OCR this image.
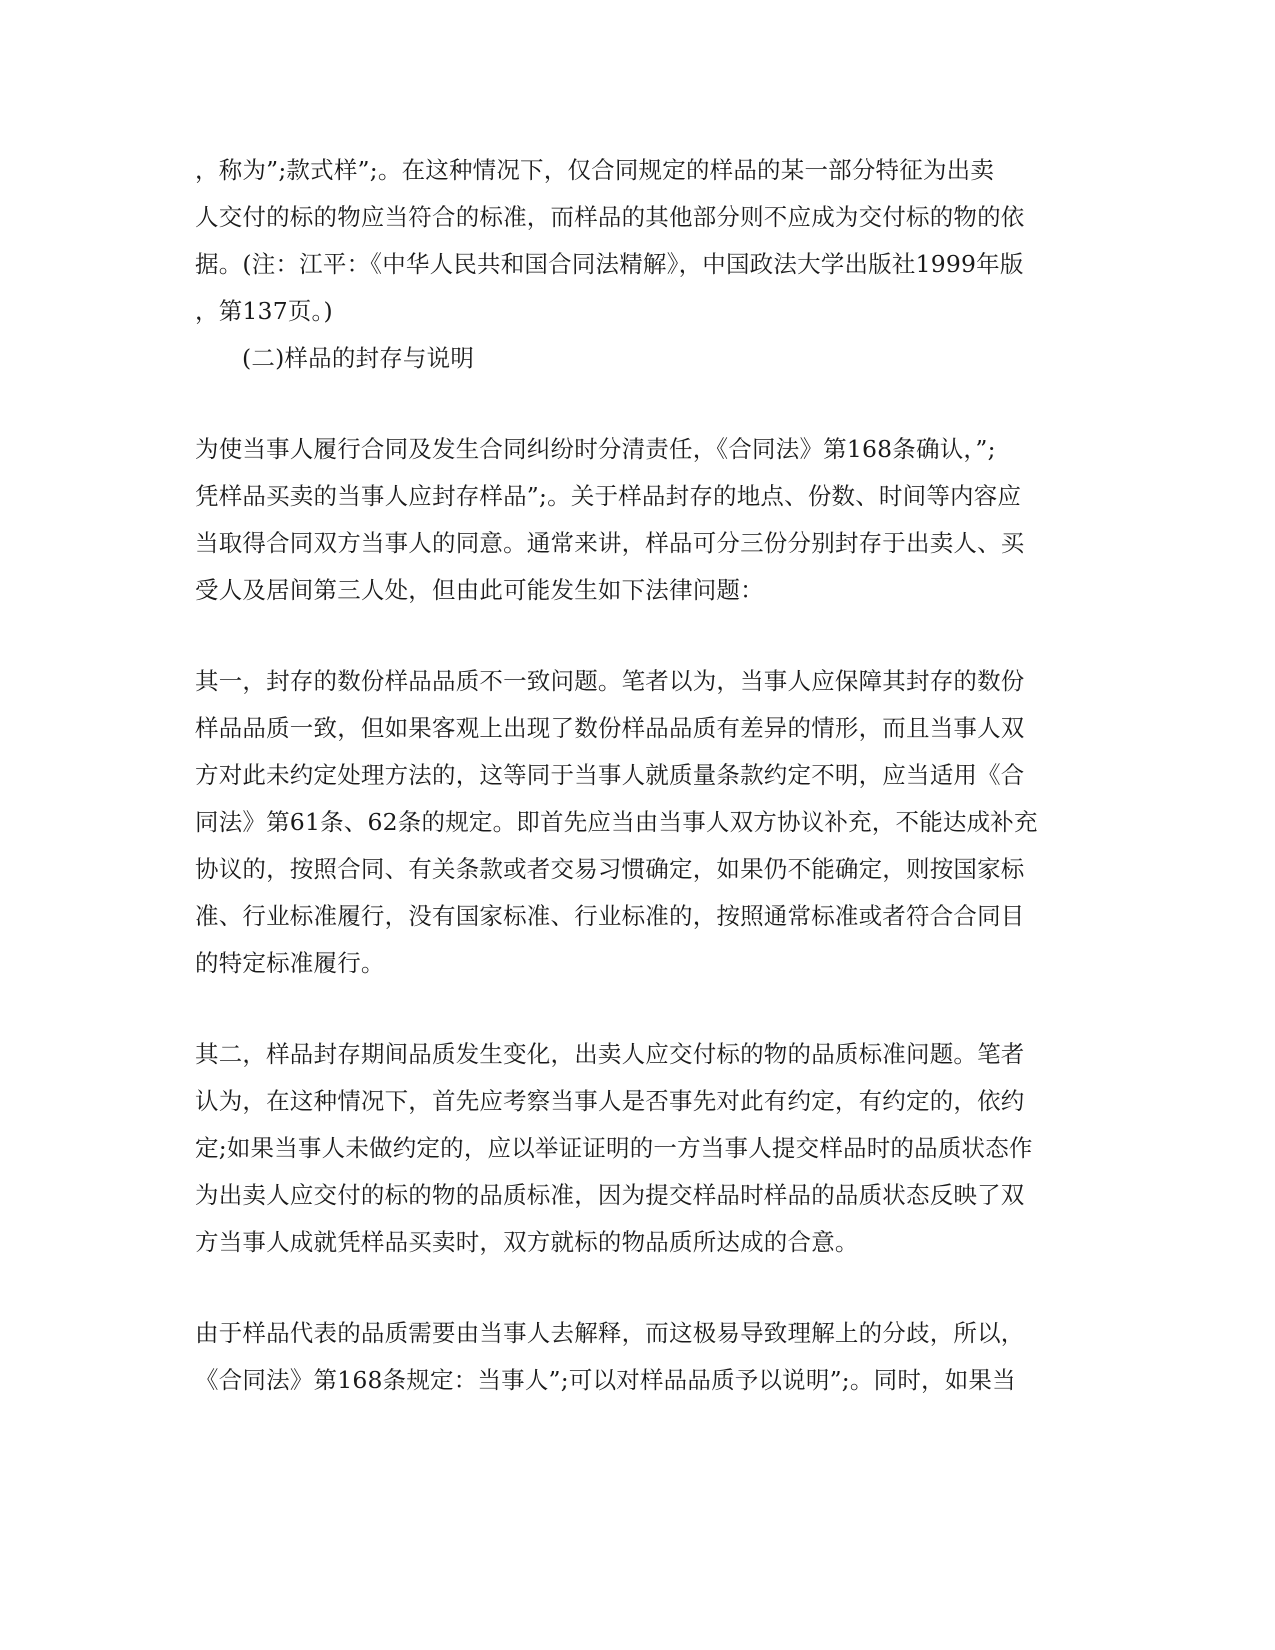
，称为”;款式样”;。在这种情况下，仅合同规定的样品的某一部分特征为出卖
人交付的标的物应当符合的标准，而样品的其他部分则不应成为交付标的物的依
据。(注：江平：《中华人民共和国合同法精解》，中国政法大学出版社1999年版
，第137页。)
(二)样品的封存与说明
为使当事人履行合同及发生合同纠纷时分清责任，《合同法》第168条确认，”;
凭样品买卖的当事人应封存样品”;。关于样品封存的地点、份数、时间等内容应
当取得合同双方当事人的同意。通常来讲，样品可分三份分别封存于出卖人、买
受人及居间第三人处，但由此可能发生如下法律问题：
其一，封存的数份样品品质不一致问题。笔者以为，当事人应保障其封存的数份
样品品质一致，但如果客观上出现了数份样品品质有差异的情形，而且当事人双
方对此未约定处理方法的，这等同于当事人就质量条款约定不明，应当适用《合
同法》第61条、62条的规定。即首先应当由当事人双方协议补充，不能达成补充
协议的，按照合同、有关条款或者交易习惯确定，如果仍不能确定，则按国家标
准、行业标准履行，没有国家标准、行业标准的，按照通常标准或者符合合同目
的特定标准履行。
其二，样品封存期间品质发生变化，出卖人应交付标的物的品质标准问题。笔者
认为，在这种情况下，首先应考察当事人是否事先对此有约定，有约定的，依约
定;如果当事人未做约定的，应以举证证明的一方当事人提交样品时的品质状态作
为出卖人应交付的标的物的品质标准，因为提交样品时样品的品质状态反映了双
方当事人成就凭样品买卖时，双方就标的物品质所达成的合意。
由于样品代表的品质需要由当事人去解释，而这极易导致理解上的分歧，所以，
《合同法》第168条规定：当事人”;可以对样品品质予以说明”;。同时，如果当
